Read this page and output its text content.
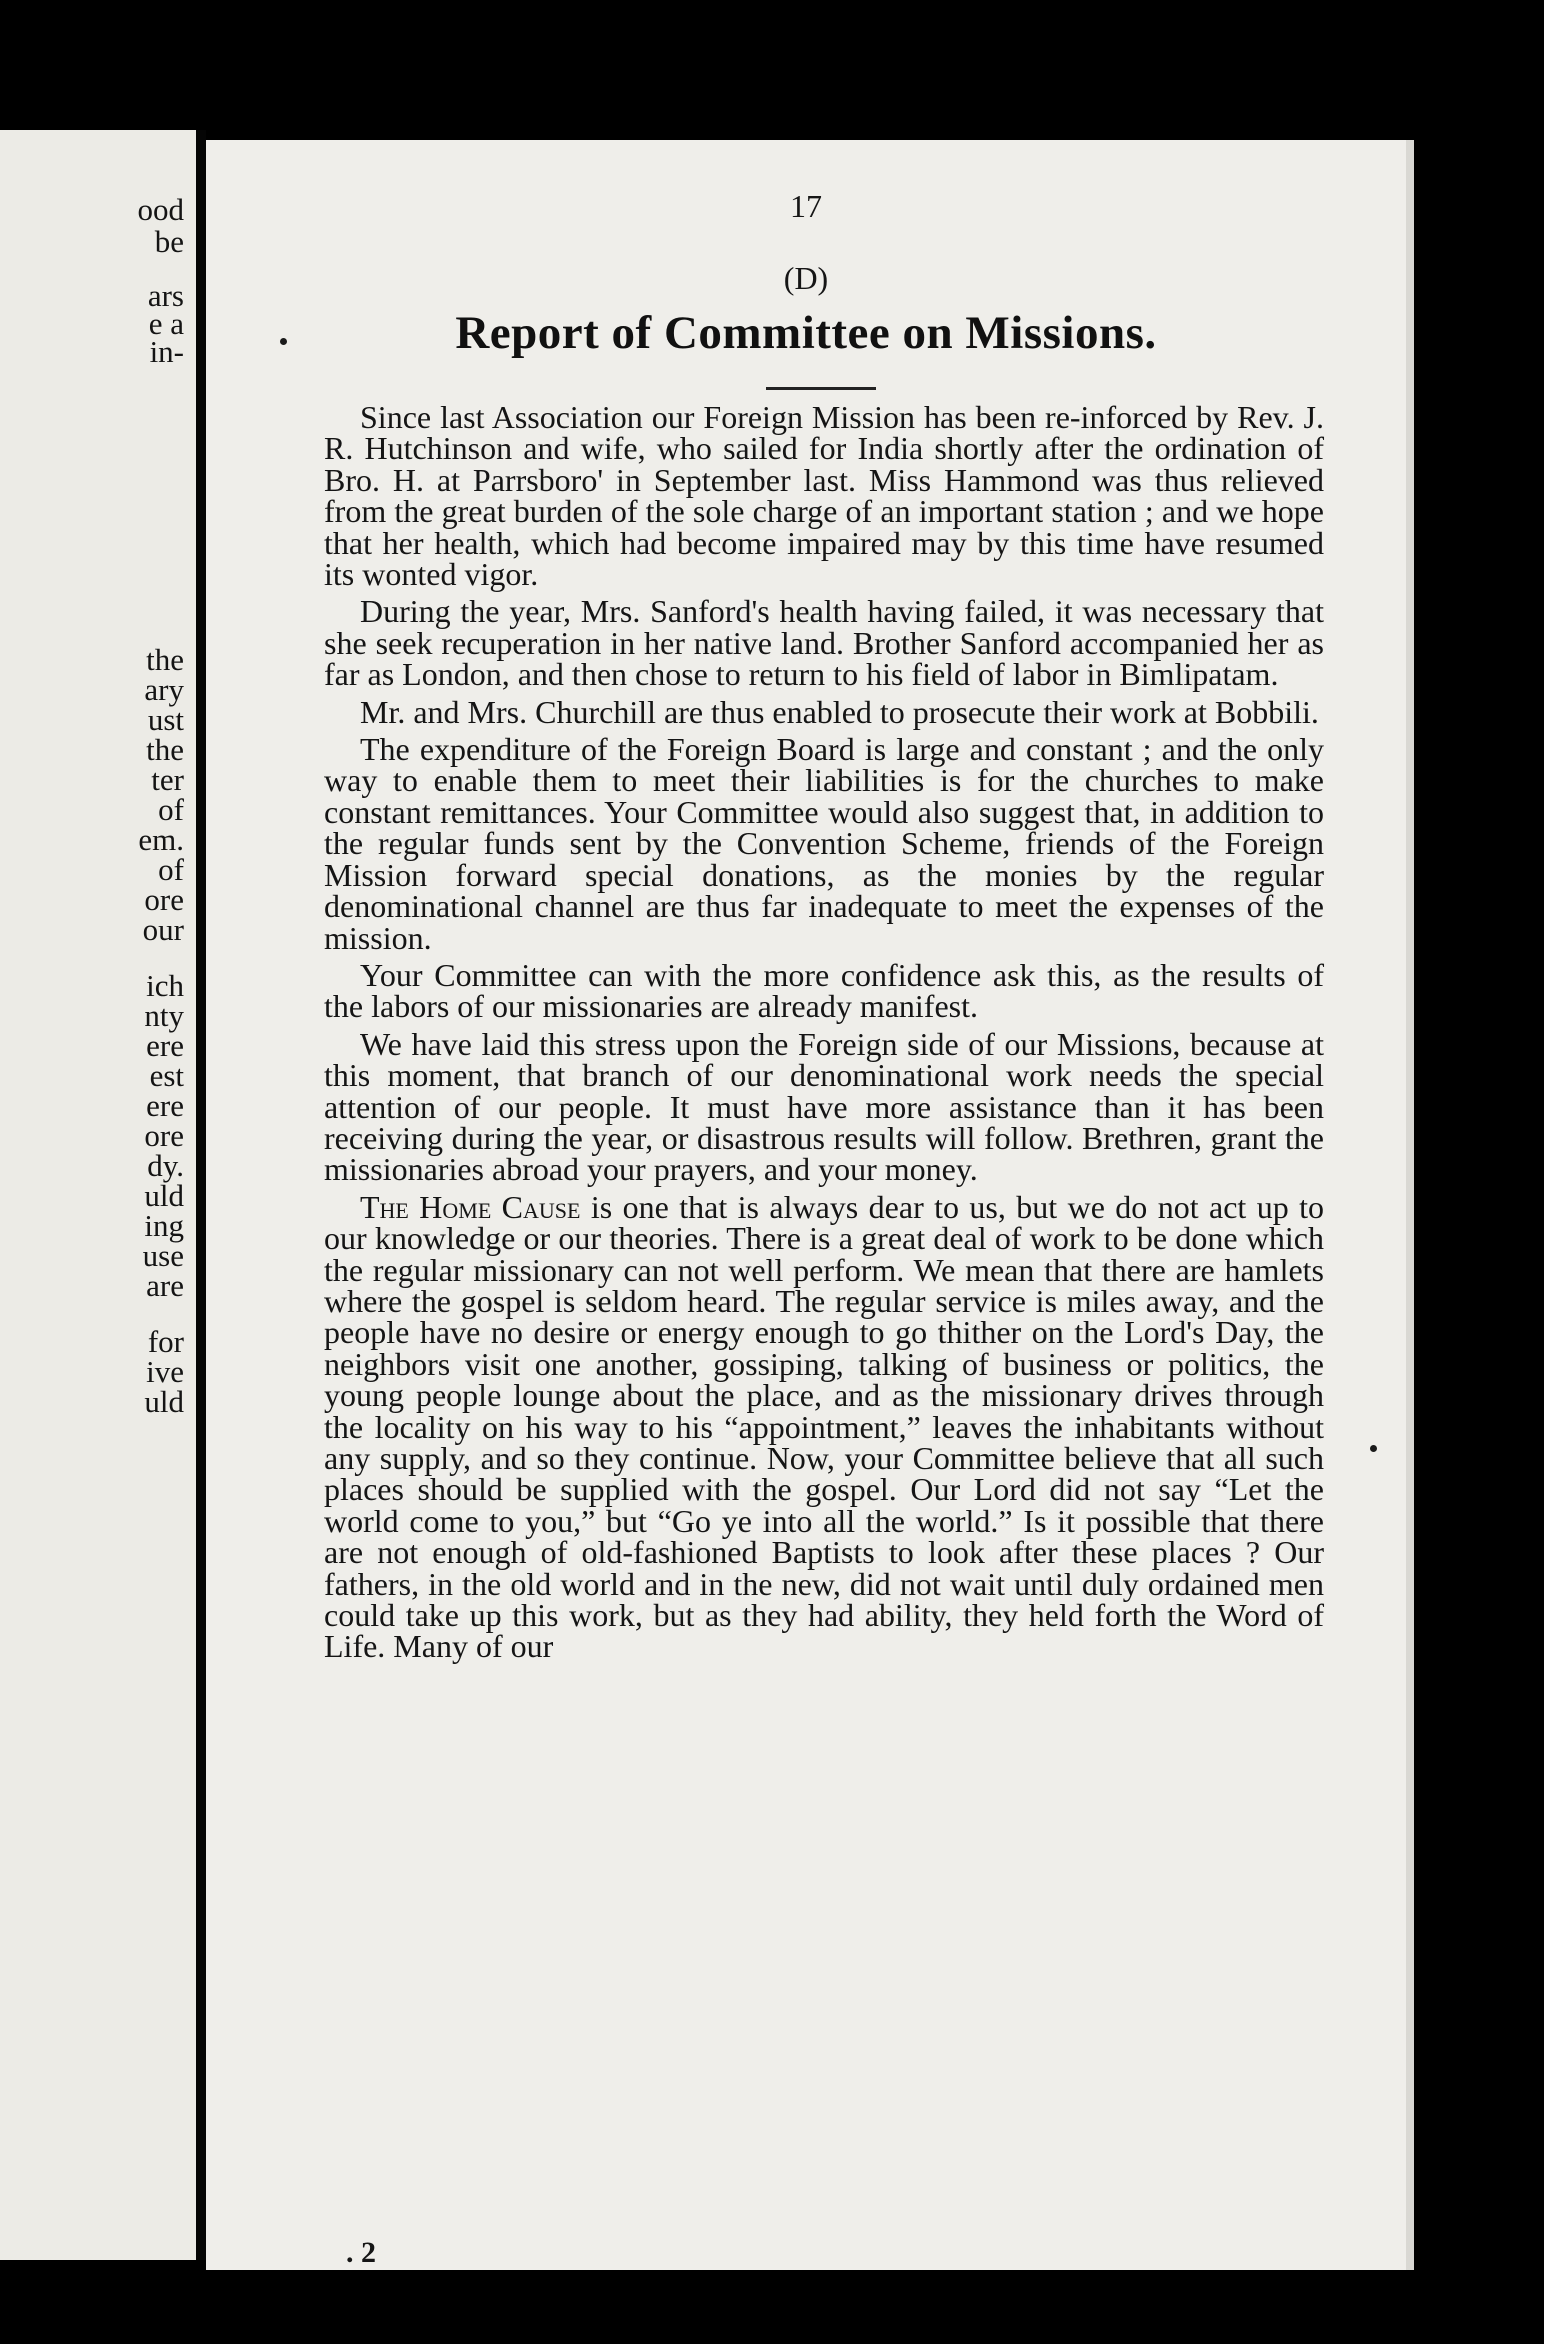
ood
be
ars
e a
in-
the
ary
ust
the
ter
of
em.
of
ore
our
ich
nty
ere
est
ere
ore
dy.
uld
ing
use
are
for
ive
uld
17
(D)
Report of Committee on Missions.

Since last Association our Foreign Mission has been re-inforced by Rev. J. R. Hutchinson and wife, who sailed for India shortly after the ordination of Bro. H. at Parrsboro' in September last. Miss Hammond was thus relieved from the great burden of the sole charge of an important station ; and we hope that her health, which had become impaired may by this time have resumed its wonted vigor.

During the year, Mrs. Sanford's health having failed, it was necessary that she seek recuperation in her native land. Brother Sanford accompanied her as far as London, and then chose to return to his field of labor in Bimlipatam.

Mr. and Mrs. Churchill are thus enabled to prosecute their work at Bobbili.

The expenditure of the Foreign Board is large and constant ; and the only way to enable them to meet their liabilities is for the churches to make constant remittances. Your Committee would also suggest that, in addition to the regular funds sent by the Convention Scheme, friends of the Foreign Mission forward special donations, as the monies by the regular denominational channel are thus far inadequate to meet the expenses of the mission.

Your Committee can with the more confidence ask this, as the results of the labors of our missionaries are already manifest.

We have laid this stress upon the Foreign side of our Missions, because at this moment, that branch of our denominational work needs the special attention of our people. It must have more assistance than it has been receiving during the year, or disastrous results will follow. Brethren, grant the missionaries abroad your prayers, and your money.

The Home Cause is one that is always dear to us, but we do not act up to our knowledge or our theories. There is a great deal of work to be done which the regular missionary can not well perform. We mean that there are hamlets where the gospel is seldom heard. The regular service is miles away, and the people have no desire or energy enough to go thither on the Lord's Day, the neighbors visit one another, gossiping, talking of business or politics, the young people lounge about the place, and as the missionary drives through the locality on his way to his “appointment,” leaves the inhabitants without any supply, and so they continue. Now, your Committee believe that all such places should be supplied with the gospel. Our Lord did not say “Let the world come to you,” but “Go ye into all the world.” Is it possible that there are not enough of old-fashioned Baptists to look after these places ? Our fathers, in the old world and in the new, did not wait until duly ordained men could take up this work, but as they had ability, they held forth the Word of Life. Many of our

. 2
